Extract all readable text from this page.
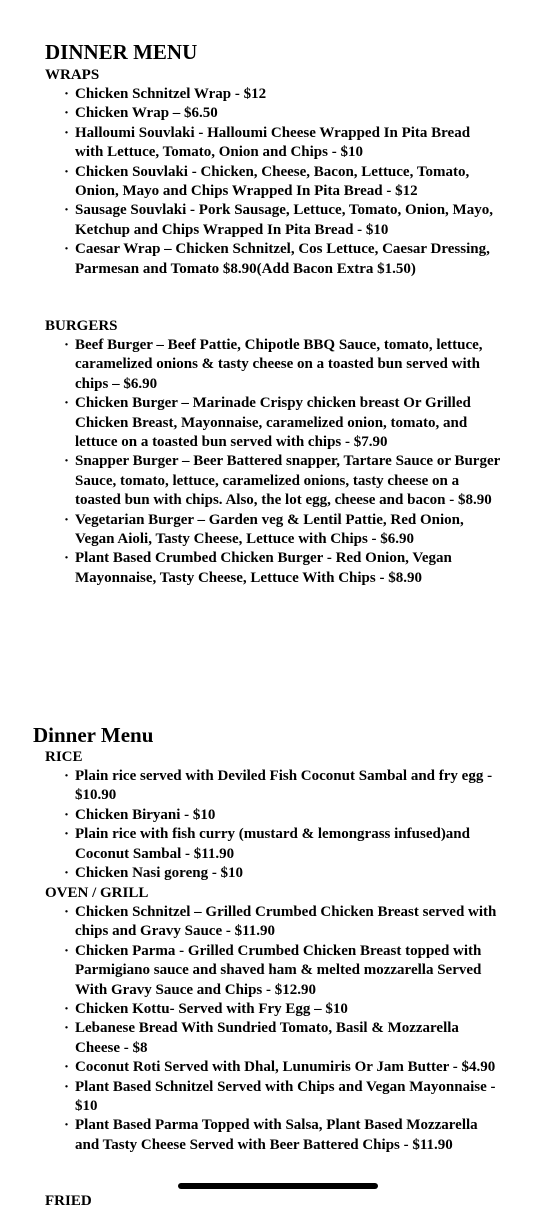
DINNER MENU
WRAPS
· Chicken Schnitzel Wrap - $12
· Chicken Wrap – $6.50
· Halloumi Souvlaki - Halloumi Cheese Wrapped In Pita Bread with Lettuce, Tomato, Onion and Chips - $10
· Chicken Souvlaki - Chicken, Cheese, Bacon, Lettuce, Tomato, Onion, Mayo and Chips Wrapped In Pita Bread - $12
· Sausage Souvlaki - Pork Sausage, Lettuce, Tomato, Onion, Mayo, Ketchup and Chips Wrapped In Pita Bread - $10
· Caesar Wrap – Chicken Schnitzel, Cos Lettuce, Caesar Dressing, Parmesan and Tomato $8.90(Add Bacon Extra $1.50)
BURGERS
· Beef Burger – Beef Pattie, Chipotle BBQ Sauce, tomato, lettuce, caramelized onions & tasty cheese on a toasted bun served with chips – $6.90
· Chicken Burger – Marinade Crispy chicken breast Or Grilled Chicken Breast, Mayonnaise, caramelized onion, tomato, and lettuce on a toasted bun served with chips - $7.90
· Snapper Burger – Beer Battered snapper, Tartare Sauce or Burger Sauce, tomato, lettuce, caramelized onions, tasty cheese on a toasted bun with chips. Also, the lot egg, cheese and bacon - $8.90
· Vegetarian Burger – Garden veg & Lentil Pattie, Red Onion, Vegan Aioli, Tasty Cheese, Lettuce with Chips - $6.90
· Plant Based Crumbed Chicken Burger - Red Onion, Vegan Mayonnaise, Tasty Cheese, Lettuce With Chips - $8.90
Dinner Menu
RICE
· Plain rice served with Deviled Fish Coconut Sambal and fry egg - $10.90
· Chicken Biryani - $10
· Plain rice with fish curry (mustard & lemongrass infused)and Coconut Sambal - $11.90
· Chicken Nasi goreng - $10
OVEN / GRILL
· Chicken Schnitzel – Grilled Crumbed Chicken Breast served with chips and Gravy Sauce - $11.90
· Chicken Parma - Grilled Crumbed Chicken Breast topped with Parmigiano sauce and shaved ham & melted mozzarella Served With Gravy Sauce and Chips - $12.90
· Chicken Kottu- Served with Fry Egg – $10
· Lebanese Bread With Sundried Tomato, Basil & Mozzarella Cheese - $8
· Coconut Roti Served with Dhal, Lunumiris Or Jam Butter - $4.90
· Plant Based Schnitzel Served with Chips and Vegan Mayonnaise - $10
· Plant Based Parma Topped with Salsa, Plant Based Mozzarella and Tasty Cheese Served with Beer Battered Chips - $11.90
FRIED
